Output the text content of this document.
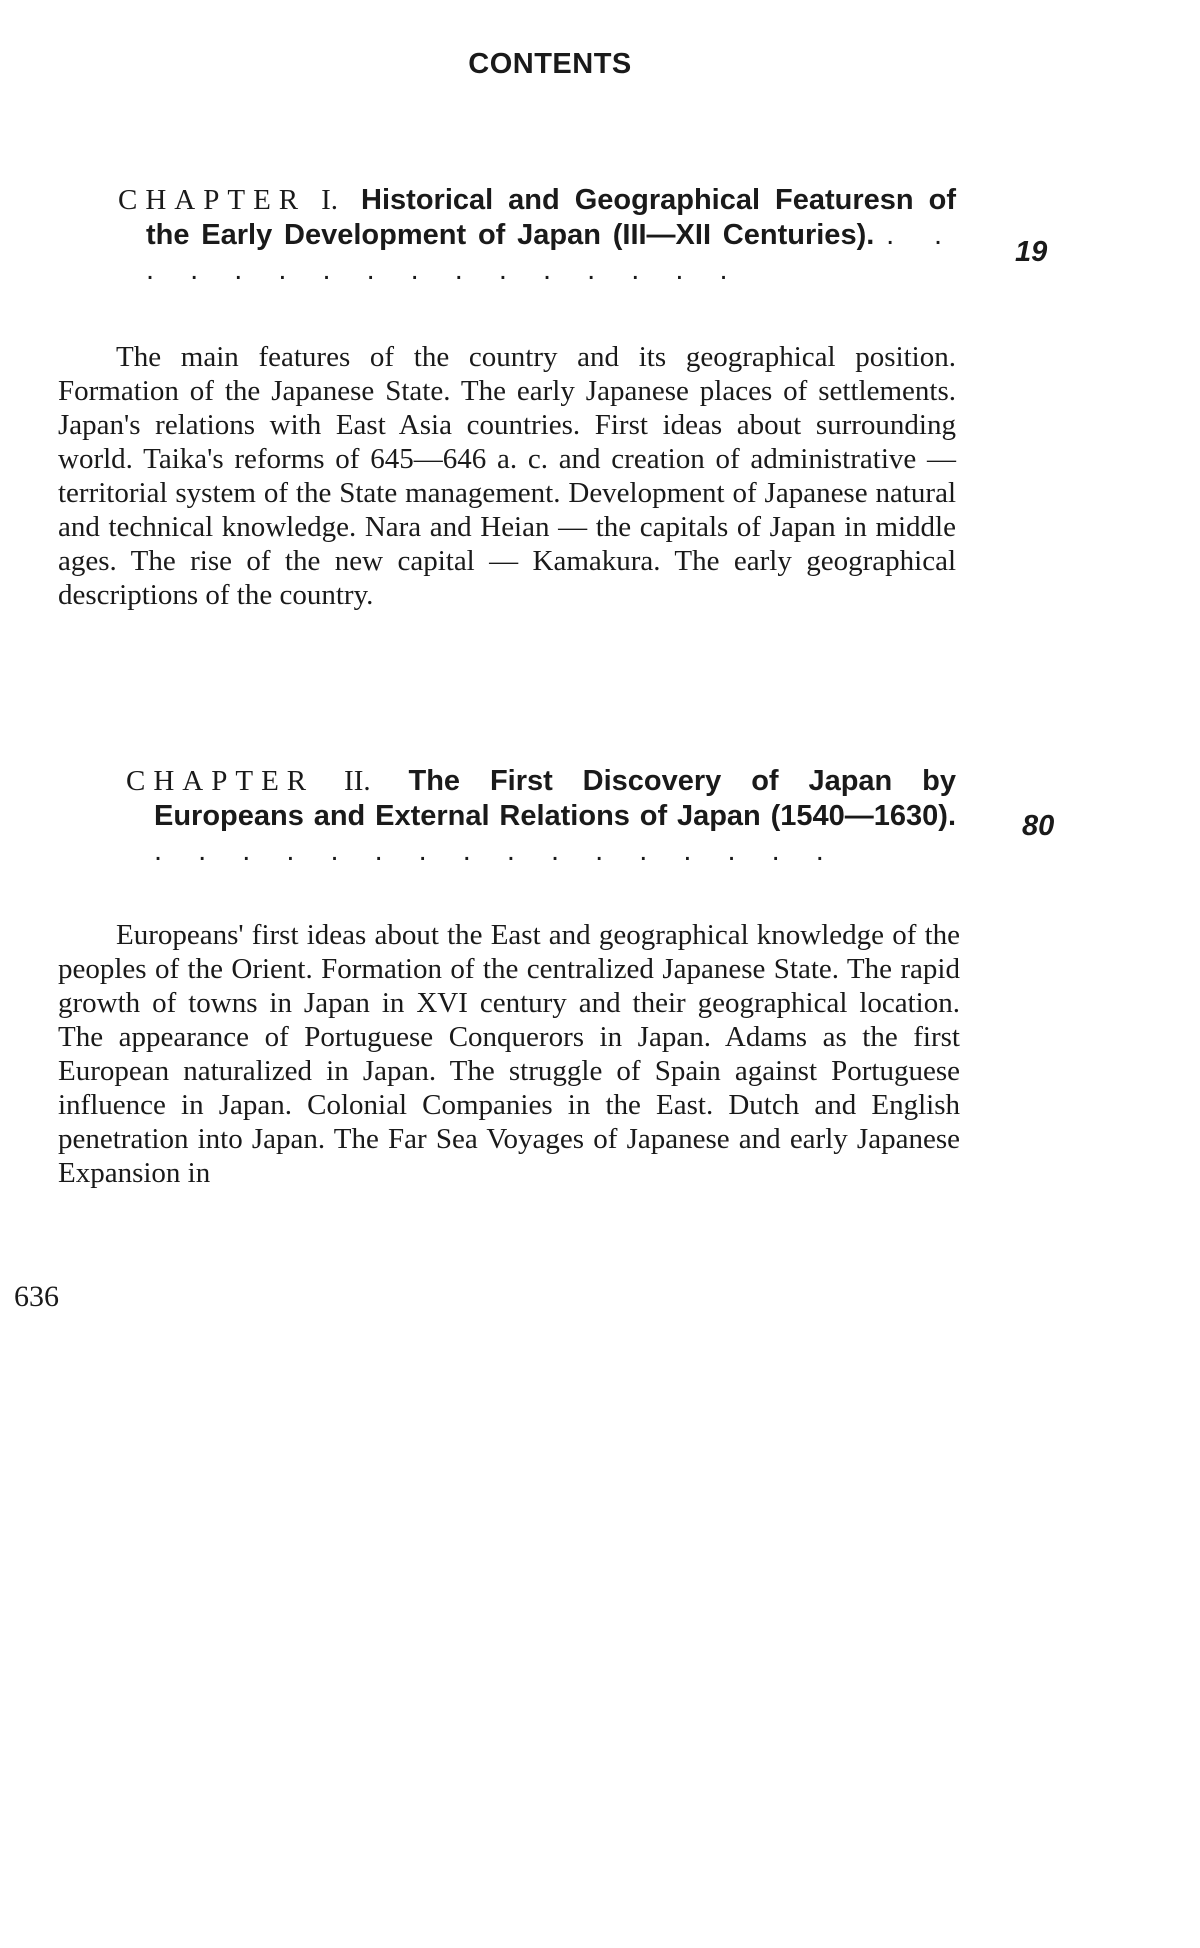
CONTENTS
CHAPTER I. Historical and Geographical Featuresn of the Early Development of Japan (III—XII Centuries). . . . . . . . . . . . . . . . .
19

The main features of the country and its geographical position. Formation of the Japanese State. The early Japanese places of settlements. Japan's relations with East Asia countries. First ideas about surrounding world. Taika's reforms of 645—646 a. c. and creation of administrative — territorial system of the State management. Development of Japanese natural and technical knowledge. Nara and Heian — the capitals of Japan in middle ages. The rise of the new capital — Kamakura. The early geographical descriptions of the country.

CHAPTER II. The First Discovery of Japan by Europeans and External Relations of Japan (1540—1630). . . . . . . . . . . . . . . . .
80

Europeans' first ideas about the East and geographical knowledge of the peoples of the Orient. Formation of the centralized Japanese State. The rapid growth of towns in Japan in XVI century and their geographical location. The appearance of Portuguese Conquerors in Japan. Adams as the first European naturalized in Japan. The struggle of Spain against Portuguese influence in Japan. Colonial Companies in the East. Dutch and English penetration into Japan. The Far Sea Voyages of Japanese and early Japanese Expansion in

636
